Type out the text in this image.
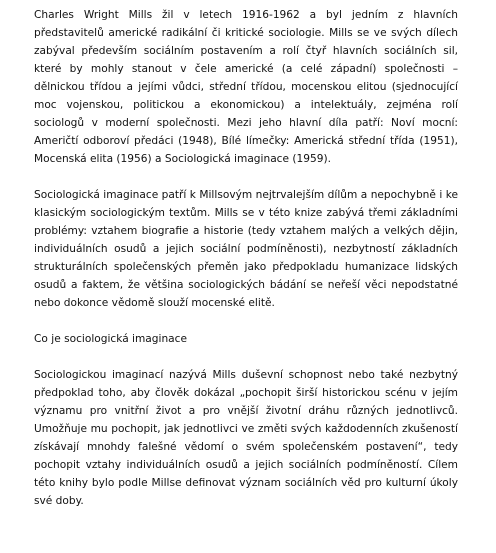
Charles Wright Mills žil v letech 1916-1962 a byl jedním z hlavních představitelů americké radikální či kritické sociologie. Mills se ve svých dílech zabýval především sociálním postavením a rolí čtyř hlavních sociálních sil, které by mohly stanout v čele americké (a celé západní) společnosti – dělnickou třídou a jejími vůdci, střední třídou, mocenskou elitou (sjednocující moc vojenskou, politickou a ekonomickou) a intelektuály, zejména rolí sociologů v moderní společnosti. Mezi jeho hlavní díla patří: Noví mocní: Američtí odboroví předáci (1948), Bílé límečky: Americká střední třída (1951), Mocenská elita (1956) a Sociologická imaginace (1959).

Sociologická imaginace patří k Millsovým nejtrvalejším dílům a nepochybně i ke klasickým sociologickým textům. Mills se v této knize zabývá třemi základními problémy: vztahem biografie a historie (tedy vztahem malých a velkých dějin, individuálních osudů a jejich sociální podmíněnosti), nezbytností základních strukturálních společenských přeměn jako předpokladu humanizace lidských osudů a faktem, že většina sociologických bádání se neřeší věci nepodstatné nebo dokonce vědomě slouží mocenské elitě.

Co je sociologická imaginace

Sociologickou imaginací nazývá Mills duševní schopnost nebo také nezbytný předpoklad toho, aby člověk dokázal „pochopit širší historickou scénu v jejím významu pro vnitřní život a pro vnější životní dráhu různých jednotlivců. Umožňuje mu pochopit, jak jednotlivci ve změti svých každodenních zkušeností získávají mnohdy falešné vědomí o svém společenském postavení“, tedy pochopit vztahy individuálních osudů a jejich sociálních podmíněností. Cílem této knihy bylo podle Millse definovat význam sociálních věd pro kulturní úkoly své doby.
